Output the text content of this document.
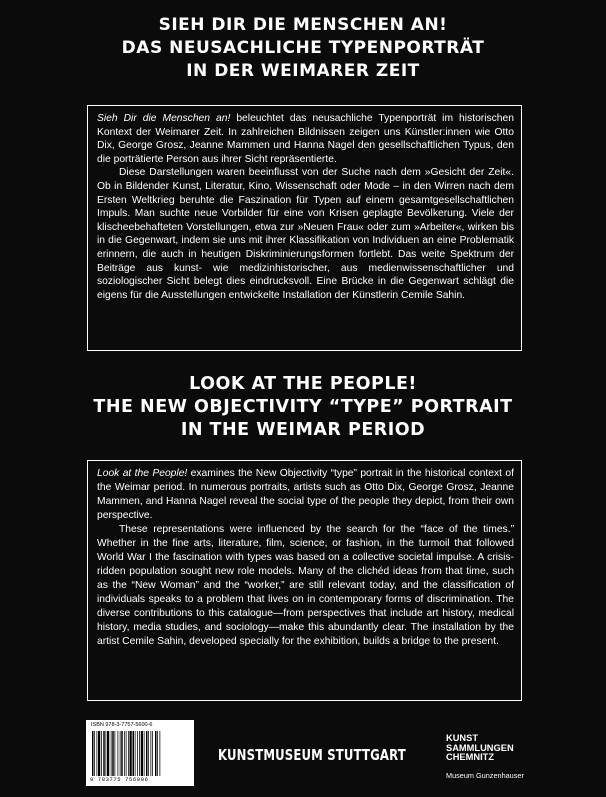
SIEH DIR DIE MENSCHEN AN!
DAS NEUSACHLICHE TYPENPORTRÄT
IN DER WEIMARER ZEIT

Sieh Dir die Menschen an! beleuchtet das neusachliche Typenporträt im historischen Kontext der Weimarer Zeit. In zahlreichen Bildnissen zeigen uns Künstler:innen wie Otto Dix, George Grosz, Jeanne Mammen und Hanna Nagel den gesellschaftlichen Typus, den die porträtierte Person aus ihrer Sicht repräsentierte.

Diese Darstellungen waren beeinflusst von der Suche nach dem »Gesicht der Zeit«. Ob in Bildender Kunst, Literatur, Kino, Wissenschaft oder Mode – in den Wirren nach dem Ersten Weltkrieg beruhte die Faszination für Typen auf einem gesamtgesellschaftlichen Impuls. Man suchte neue Vorbilder für eine von Krisen geplagte Bevölkerung. Viele der klischeebehafteten Vorstellungen, etwa zur »Neuen Frau« oder zum »Arbeiter«, wirken bis in die Gegenwart, indem sie uns mit ihrer Klassifikation von Individuen an eine Problematik erinnern, die auch in heutigen Diskriminierungsformen fortlebt. Das weite Spektrum der Beiträge aus kunst- wie medizinhistorischer, aus medienwissenschaftlicher und soziologischer Sicht belegt dies eindrucksvoll. Eine Brücke in die Gegenwart schlägt die eigens für die Ausstellungen entwickelte Installation der Künstlerin Cemile Sahin.

LOOK AT THE PEOPLE!
THE NEW OBJECTIVITY “TYPE” PORTRAIT
IN THE WEIMAR PERIOD

Look at the People! examines the New Objectivity “type” portrait in the historical context of the Weimar period. In numerous portraits, artists such as Otto Dix, George Grosz, Jeanne Mammen, and Hanna Nagel reveal the social type of the people they depict, from their own perspective.

These representations were influenced by the search for the “face of the times.” Whether in the fine arts, literature, film, science, or fashion, in the turmoil that followed World War I the fascination with types was based on a collective societal impulse. A crisis-ridden population sought new role models. Many of the clichéd ideas from that time, such as the “New Woman” and the “worker,” are still relevant today, and the classification of individuals speaks to a problem that lives on in contemporary forms of discrimination. The diverse contributions to this catalogue—from perspectives that include art history, medical history, media studies, and sociology—make this abundantly clear. The installation by the artist Cemile Sahin, developed specially for the exhibition, builds a bridge to the present.

ISBN 978-3-7757-5600-6
9 783775 756006
KUNSTMUSEUM STUTTGART
KUNST
SAMMLUNGEN
CHEMNITZ
Museum Gunzenhauser
